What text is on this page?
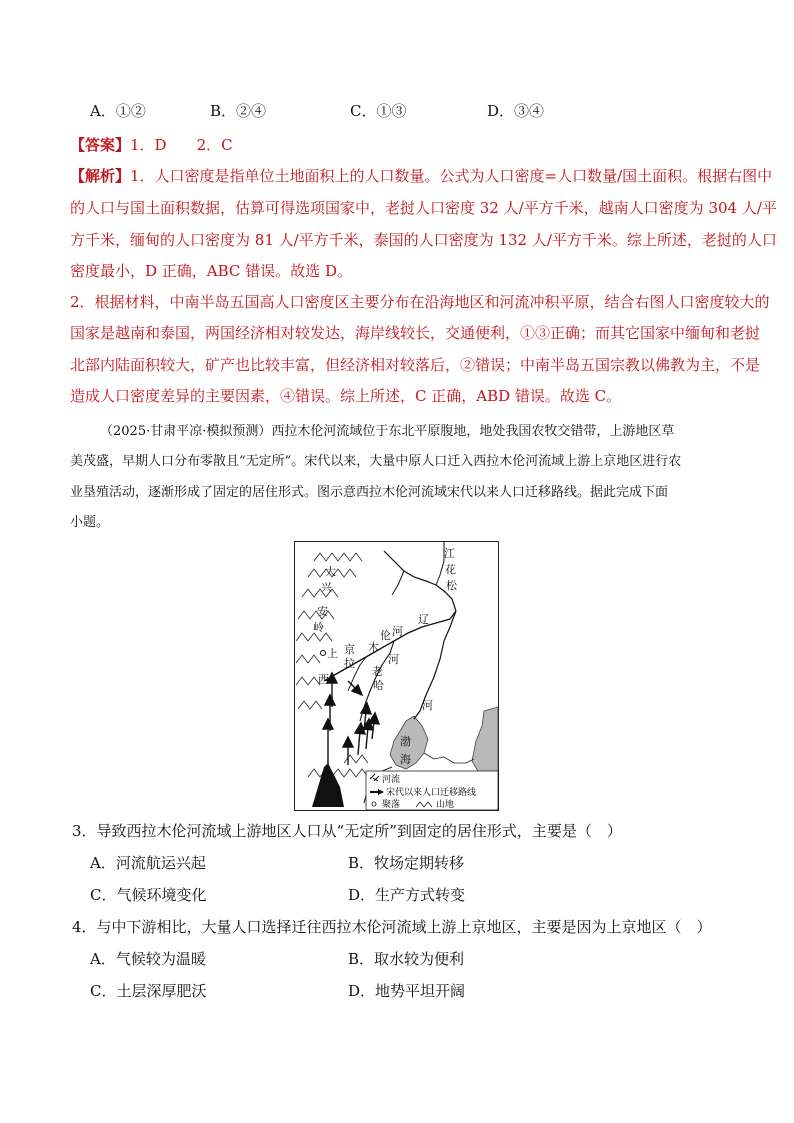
A．①②	B．②④	C．①③	D．③④
【答案】1．D　　2．C
【解析】1．人口密度是指单位土地面积上的人口数量。公式为人口密度=人口数量/国土面积。根据右图中
的人口与国土面积数据，估算可得选项国家中，老挝人口密度 32 人/平方千米，越南人口密度为 304 人/平
方千米，缅甸的人口密度为 81 人/平方千米，泰国的人口密度为 132 人/平方千米。综上所述，老挝的人口
密度最小，D 正确，ABC 错误。故选 D。
2．根据材料，中南半岛五国高人口密度区主要分布在沿海地区和河流冲积平原，结合右图人口密度较大的
国家是越南和泰国，两国经济相对较发达，海岸线较长，交通便利，①③正确；而其它国家中缅甸和老挝
北部内陆面积较大，矿产也比较丰富，但经济相对较落后，②错误；中南半岛五国宗教以佛教为主，不是
造成人口密度差异的主要因素，④错误。综上所述，C 正确，ABD 错误。故选 C。
（2025·甘肃平凉·模拟预测）西拉木伦河流域位于东北平原腹地，地处我国农牧交错带，上游地区草
美茂盛，早期人口分布零散且“无定所”。宋代以来，大量中原人口迁入西拉木伦河流域上游上京地区进行农
业垦殖活动，逐渐形成了固定的居住形式。图示意西拉木伦河流域宋代以来人口迁移路线。据此完成下面
小题。
江
花
松
大
兴
安
岭
上 京
西
拉
木
伦 河
老
哈
河
辽
河
渤
海
河流
宋代以来人口迁移路线
聚落	山地
3．导致西拉木伦河流域上游地区人口从“无定所”到固定的居住形式，主要是（　）
A．河流航运兴起	B．牧场定期转移
C．气候环境变化	D．生产方式转变
4．与中下游相比，大量人口选择迁往西拉木伦河流域上游上京地区，主要是因为上京地区（　）
A．气候较为温暖	B．取水较为便利
C．土层深厚肥沃	D．地势平坦开阔
